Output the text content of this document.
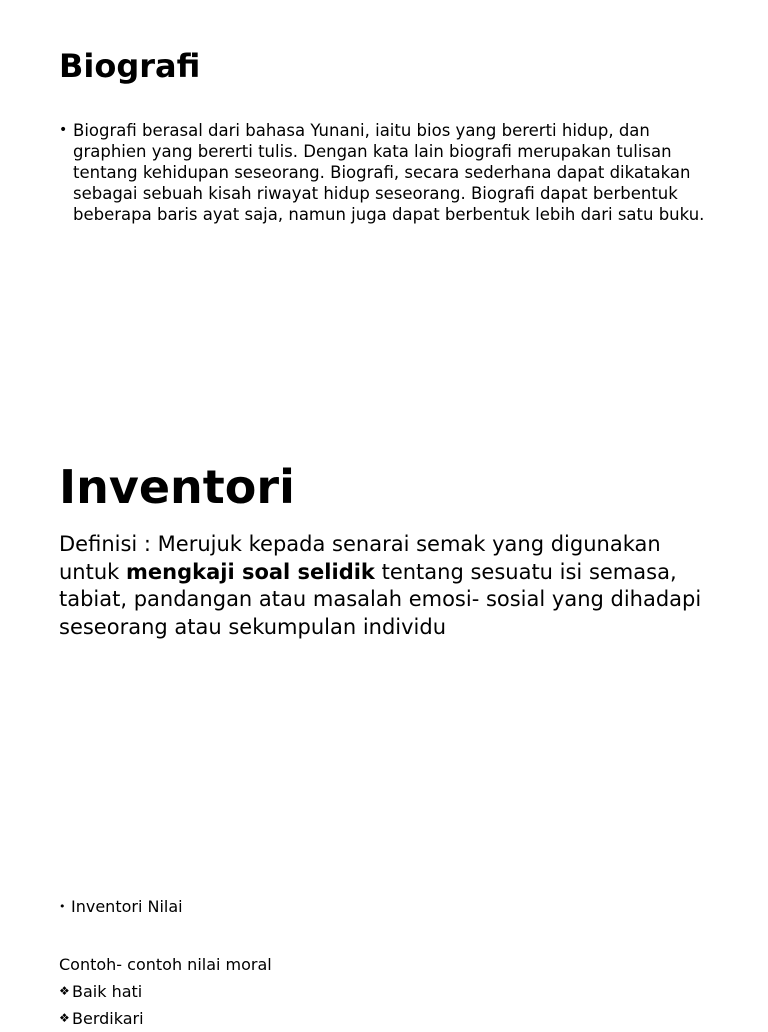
Biografi
• Biografi berasal dari bahasa Yunani, iaitu bios yang bererti hidup, dan graphien yang bererti tulis. Dengan kata lain biografi merupakan tulisan tentang kehidupan seseorang. Biografi, secara sederhana dapat dikatakan sebagai sebuah kisah riwayat hidup seseorang. Biografi dapat berbentuk beberapa baris ayat saja, namun juga dapat berbentuk lebih dari satu buku.
Inventori
Definisi : Merujuk kepada senarai semak yang digunakan untuk mengkaji soal selidik tentang sesuatu isi semasa, tabiat, pandangan atau masalah emosi- sosial yang dihadapi seseorang atau sekumpulan individu
• Inventori Nilai
Contoh- contoh nilai moral
❖ Baik hati
❖ Berdikari
